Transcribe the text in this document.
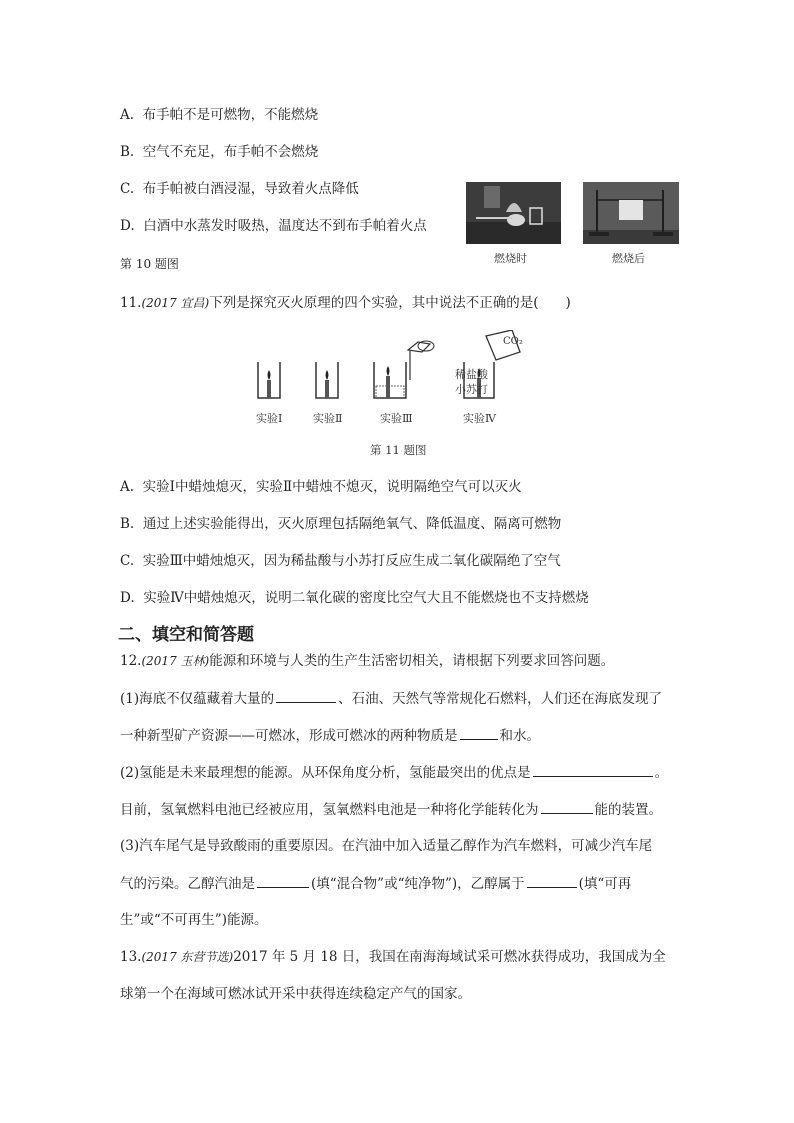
A. 布手帕不是可燃物，不能燃烧
B. 空气不充足，布手帕不会燃烧
C. 布手帕被白酒浸湿，导致着火点降低
D. 白酒中水蒸发时吸热，温度达不到布手帕着火点
第 10 题图	燃烧时	燃烧后
11.(2017 宜昌)下列是探究灭火原理的四个实验，其中说法不正确的是(　　)
CO₂
稀盐酸
小苏打
实验Ⅰ	实验Ⅱ	实验Ⅲ	实验Ⅳ
第 11 题图
A. 实验Ⅰ中蜡烛熄灭，实验Ⅱ中蜡烛不熄灭，说明隔绝空气可以灭火
B. 通过上述实验能得出，灭火原理包括隔绝氧气、降低温度、隔离可燃物
C. 实验Ⅲ中蜡烛熄灭，因为稀盐酸与小苏打反应生成二氧化碳隔绝了空气
D. 实验Ⅳ中蜡烛熄灭，说明二氧化碳的密度比空气大且不能燃烧也不支持燃烧
二、填空和简答题
12.(2017 玉林)能源和环境与人类的生产生活密切相关，请根据下列要求回答问题。
(1)海底不仅蕴藏着大量的	、石油、天然气等常规化石燃料，人们还在海底发现了
一种新型矿产资源——可燃冰，形成可燃冰的两种物质是	和水。
(2)氢能是未来最理想的能源。从环保角度分析，氢能最突出的优点是	。
目前，氢氧燃料电池已经被应用，氢氧燃料电池是一种将化学能转化为	能的装置。
(3)汽车尾气是导致酸雨的重要原因。在汽油中加入适量乙醇作为汽车燃料，可减少汽车尾
气的污染。乙醇汽油是	(填“混合物”或“纯净物”)，乙醇属于	(填“可再
生”或“不可再生”)能源。
13.(2017 东营节选)2017 年 5 月 18 日，我国在南海海域试采可燃冰获得成功，我国成为全
球第一个在海域可燃冰试开采中获得连续稳定产气的国家。
